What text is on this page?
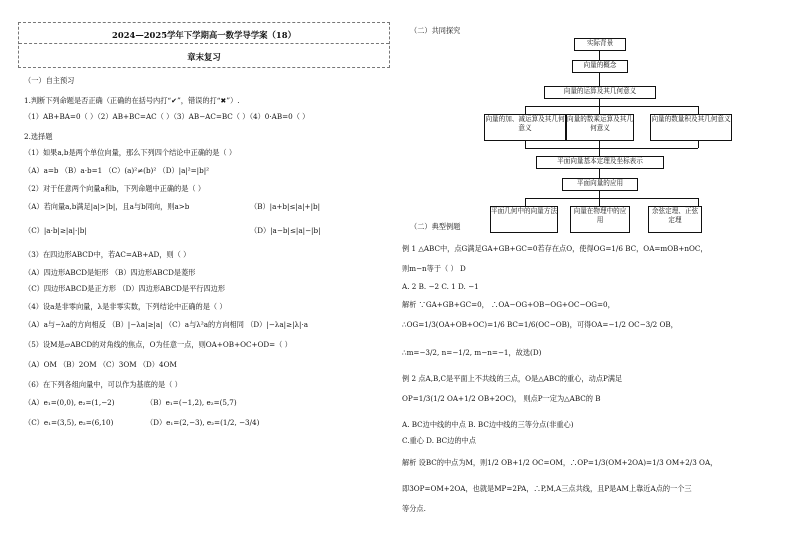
2024—2025学年下学期高一数学导学案（18）
章末复习
（一）自主预习
1.判断下列命题是否正确（正确的在括号内打“✔”，错误的打“✖”）.
（1）AB+BA=0（ ）（2）AB+BC=AC（ ）（3）AB−AC=BC（ ）（4）0·AB=0（ ）
2.选择题
（1）如果a,b是两个单位向量，那么下列四个结论中正确的是（ ）
（A）a=b （B）a·b=1 （C）(a)²≠(b)² （D）|a|²=|b|²
（2）对于任意两个向量a和b，下列命题中正确的是（ ）
（A）若向量a,b满足|a|>|b|，且a与b同向，则a>b	（B）|a+b|≤|a|+|b|
（C）|a·b|≥|a|·|b|	（D）|a−b|≤|a|−|b|
（3）在四边形ABCD中，若AC=AB+AD，则（ ）
（A）四边形ABCD是矩形 （B）四边形ABCD是菱形
（C）四边形ABCD是正方形 （D）四边形ABCD是平行四边形
（4）设a是非零向量，λ是非零实数，下列结论中正确的是（ ）
（A）a与−λa的方向相反 （B）|−λa|≥|a| （C）a与λ²a的方向相同 （D）|−λa|≥|λ|·a
（5）设M是▱ABCD的对角线的焦点，O为任意一点，则OA+OB+OC+OD=（ ）
（A）OM （B）2OM （C）3OM （D）4OM
（6）在下列各组向量中，可以作为基底的是（ ）
（A）e₁=(0,0), e₂=(1,−2)	（B）e₁=(−1,2), e₂=(5,7)
（C）e₁=(3,5), e₂=(6,10)	（D）e₁=(2,−3), e₂=(1/2, −3/4)
（二）共同探究
实际背景
向量的概念
向量的运算及其几何意义
向量的加、减运算及其几何意义
向量的数乘运算及其几何意义
向量的数量积及其几何意义
平面向量基本定理及坐标表示
平面向量的应用
平面几何中的向量方法	向量在物理中的应用
余弦定理、正弦定理
（二）典型例题
例 1 △ABC中，点G满足GA+GB+GC=0若存在点O，使得OG=1/6 BC，OA=mOB+nOC，
则m−n等于（ ） D
A. 2 B. −2 C. 1 D. −1
解析 ∵GA+GB+GC=0， ∴OA−OG+OB−OG+OC−OG=0，
∴OG=1/3(OA+OB+OC)=1/6 BC=1/6(OC−OB)，可得OA=−1/2 OC−3/2 OB，
∴m=−3/2, n=−1/2, m−n=−1，故选(D)
例 2 点A,B,C是平面上不共线的三点，O是△ABC的重心，动点P满足
OP=1/3(1/2 OA+1/2 OB+2OC)， 则点P一定为△ABC的 B
A. BC边中线的中点 B. BC边中线的三等分点(非重心)
C.重心 D. BC边的中点
解析 设BC的中点为M，则1/2 OB+1/2 OC=OM，∴OP=1/3(OM+2OA)=1/3 OM+2/3 OA，
即3OP=OM+2OA，也就是MP=2PA，∴P,M,A三点共线，且P是AM上靠近A点的一个三
等分点.
